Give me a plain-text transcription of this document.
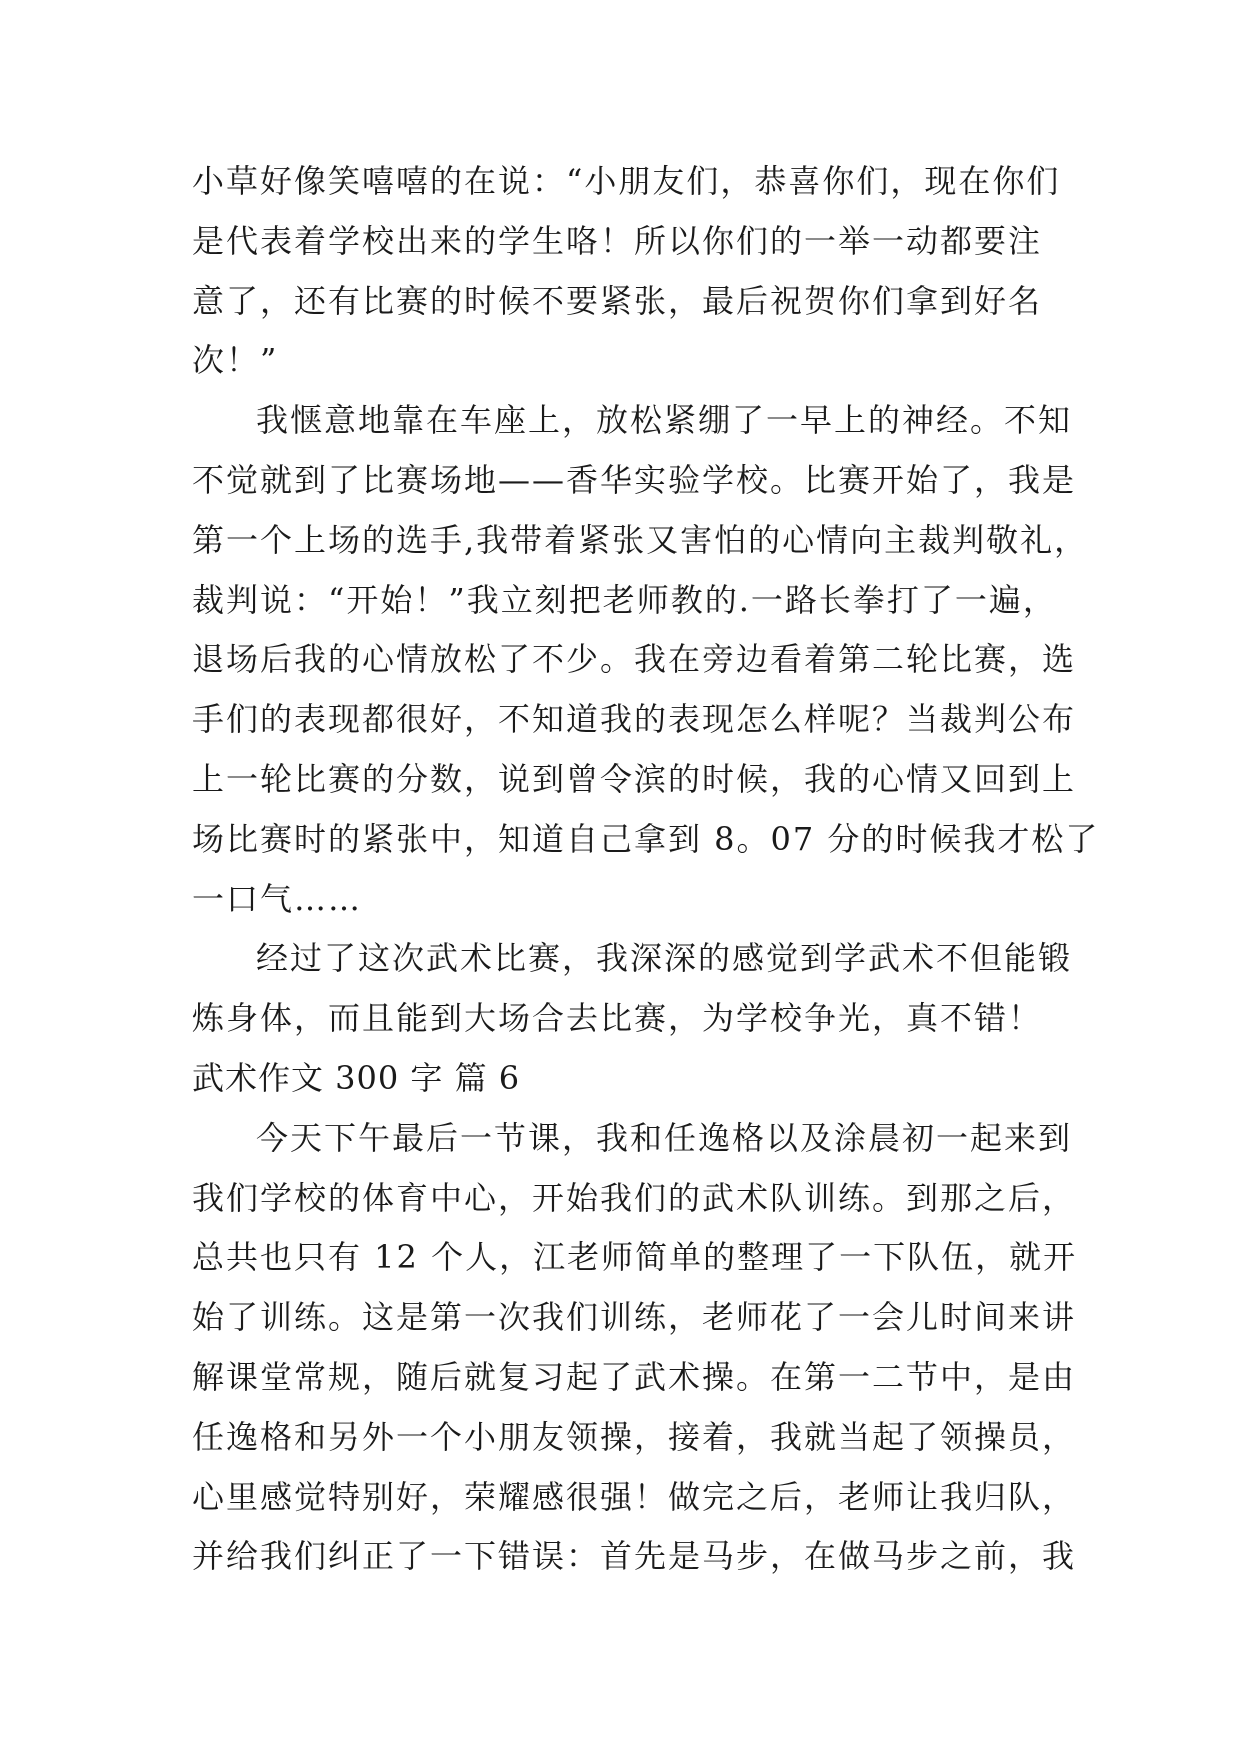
小草好像笑嘻嘻的在说：“小朋友们，恭喜你们，现在你们
是代表着学校出来的学生咯！所以你们的一举一动都要注
意了，还有比赛的时候不要紧张，最后祝贺你们拿到好名
次！”
我惬意地靠在车座上，放松紧绷了一早上的神经。不知
不觉就到了比赛场地——香华实验学校。比赛开始了，我是
第一个上场的选手,我带着紧张又害怕的心情向主裁判敬礼，
裁判说：“开始！”我立刻把老师教的.一路长拳打了一遍，
退场后我的心情放松了不少。我在旁边看着第二轮比赛，选
手们的表现都很好，不知道我的表现怎么样呢？当裁判公布
上一轮比赛的分数，说到曾令滨的时候，我的心情又回到上
场比赛时的紧张中，知道自己拿到 8。07 分的时候我才松了
一口气……
经过了这次武术比赛，我深深的感觉到学武术不但能锻
炼身体，而且能到大场合去比赛，为学校争光，真不错！
武术作文 300 字 篇 6
今天下午最后一节课，我和任逸格以及涂晨初一起来到
我们学校的体育中心，开始我们的武术队训练。到那之后，
总共也只有 12 个人，江老师简单的整理了一下队伍，就开
始了训练。这是第一次我们训练，老师花了一会儿时间来讲
解课堂常规，随后就复习起了武术操。在第一二节中，是由
任逸格和另外一个小朋友领操，接着，我就当起了领操员，
心里感觉特别好，荣耀感很强！做完之后，老师让我归队，
并给我们纠正了一下错误：首先是马步，在做马步之前，我
